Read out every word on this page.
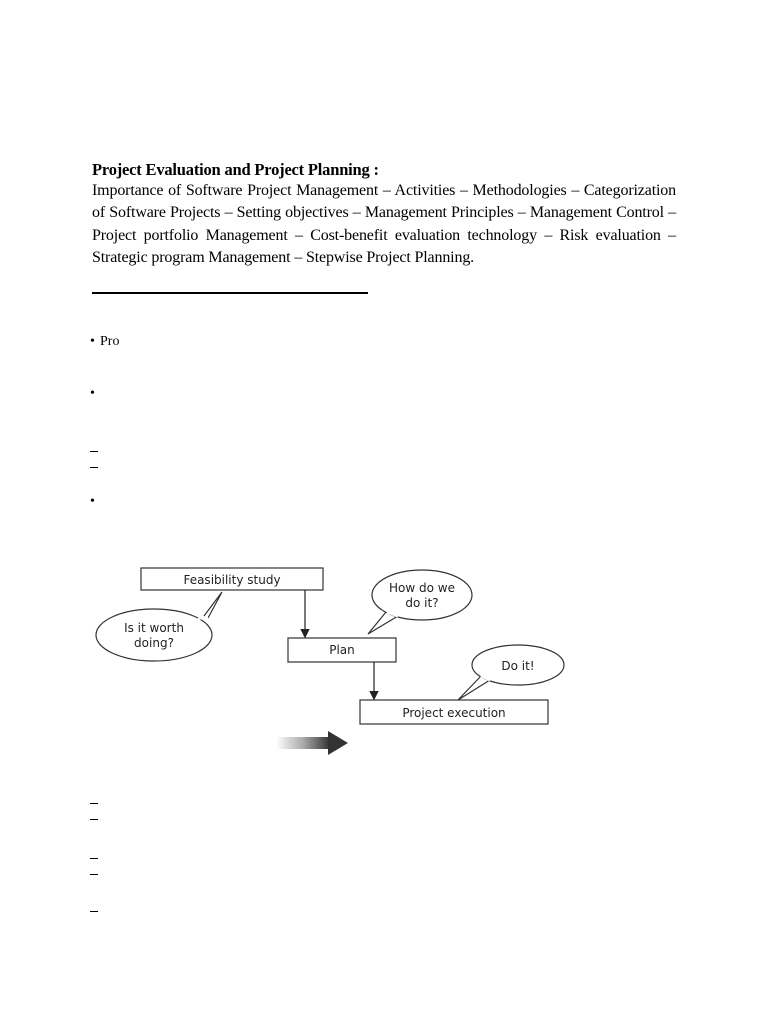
Project Evaluation and Project Planning :

Importance of Software Project Management – Activities – Methodologies – Categorization of Software Projects – Setting objectives – Management Principles – Management Control – Project portfolio Management – Cost-benefit evaluation technology – Risk evaluation – Strategic program Management – Stepwise Project Planning.

• Pro
•
•
Feasibility study
Plan
Project execution
Is it worth
doing?
How do we
do it?
Do it!
